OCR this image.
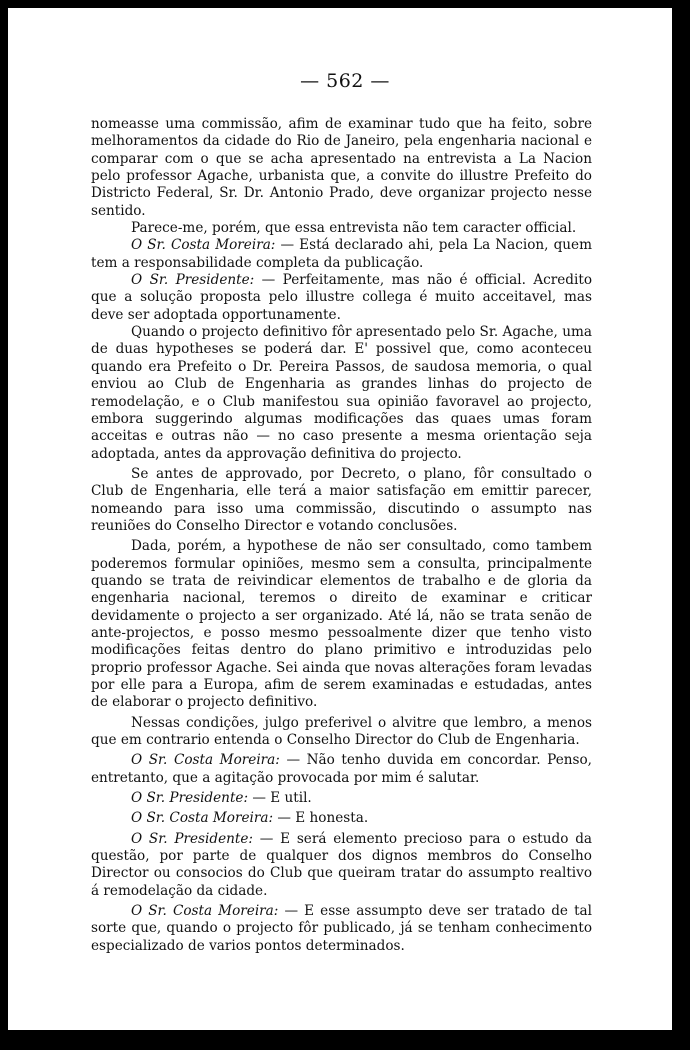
— 562 —

nomeasse uma commissão, afim de examinar tudo que ha feito, sobre melhoramentos da cidade do Rio de Janeiro, pela engenharia nacional e comparar com o que se acha apresentado na entrevista a La Nacion pelo professor Agache, urbanista que, a convite do illustre Prefeito do Districto Federal, Sr. Dr. Antonio Prado, deve organizar projecto nesse sentido.

Parece-me, porém, que essa entrevista não tem caracter official.

O Sr. Costa Moreira: — Está declarado ahi, pela La Nacion, quem tem a responsabilidade completa da publicação.

O Sr. Presidente: — Perfeitamente, mas não é official. Acredito que a solução proposta pelo illustre collega é muito acceitavel, mas deve ser adoptada opportunamente.

Quando o projecto definitivo fôr apresentado pelo Sr. Agache, uma de duas hypotheses se poderá dar. E' possivel que, como aconteceu quando era Prefeito o Dr. Pereira Passos, de saudosa memoria, o qual enviou ao Club de Engenharia as grandes linhas do projecto de remodelação, e o Club manifestou sua opinião favoravel ao projecto, embora suggerindo algumas modificações das quaes umas foram acceitas e outras não — no caso presente a mesma orientação seja adoptada, antes da approvação definitiva do projecto.

Se antes de approvado, por Decreto, o plano, fôr consultado o Club de Engenharia, elle terá a maior satisfação em emittir parecer, nomeando para isso uma commissão, discutindo o assumpto nas reuniões do Conselho Director e votando conclusões.

Dada, porém, a hypothese de não ser consultado, como tambem poderemos formular opiniões, mesmo sem a consulta, principalmente quando se trata de reivindicar elementos de trabalho e de gloria da engenharia nacional, teremos o direito de examinar e criticar devidamente o projecto a ser organizado. Até lá, não se trata senão de ante-projectos, e posso mesmo pessoalmente dizer que tenho visto modificações feitas dentro do plano primitivo e introduzidas pelo proprio professor Agache. Sei ainda que novas alterações foram levadas por elle para a Europa, afim de serem examinadas e estudadas, antes de elaborar o projecto definitivo.

Nessas condições, julgo preferivel o alvitre que lembro, a menos que em contrario entenda o Conselho Director do Club de Engenharia.

O Sr. Costa Moreira: — Não tenho duvida em concordar. Penso, entretanto, que a agitação provocada por mim é salutar.

O Sr. Presidente: — E util.

O Sr. Costa Moreira: — E honesta.

O Sr. Presidente: — E será elemento precioso para o estudo da questão, por parte de qualquer dos dignos membros do Conselho Director ou consocios do Club que queiram tratar do assumpto realtivo á remodelação da cidade.

O Sr. Costa Moreira: — E esse assumpto deve ser tratado de tal sorte que, quando o projecto fôr publicado, já se tenham conhecimento especializado de varios pontos determinados.
